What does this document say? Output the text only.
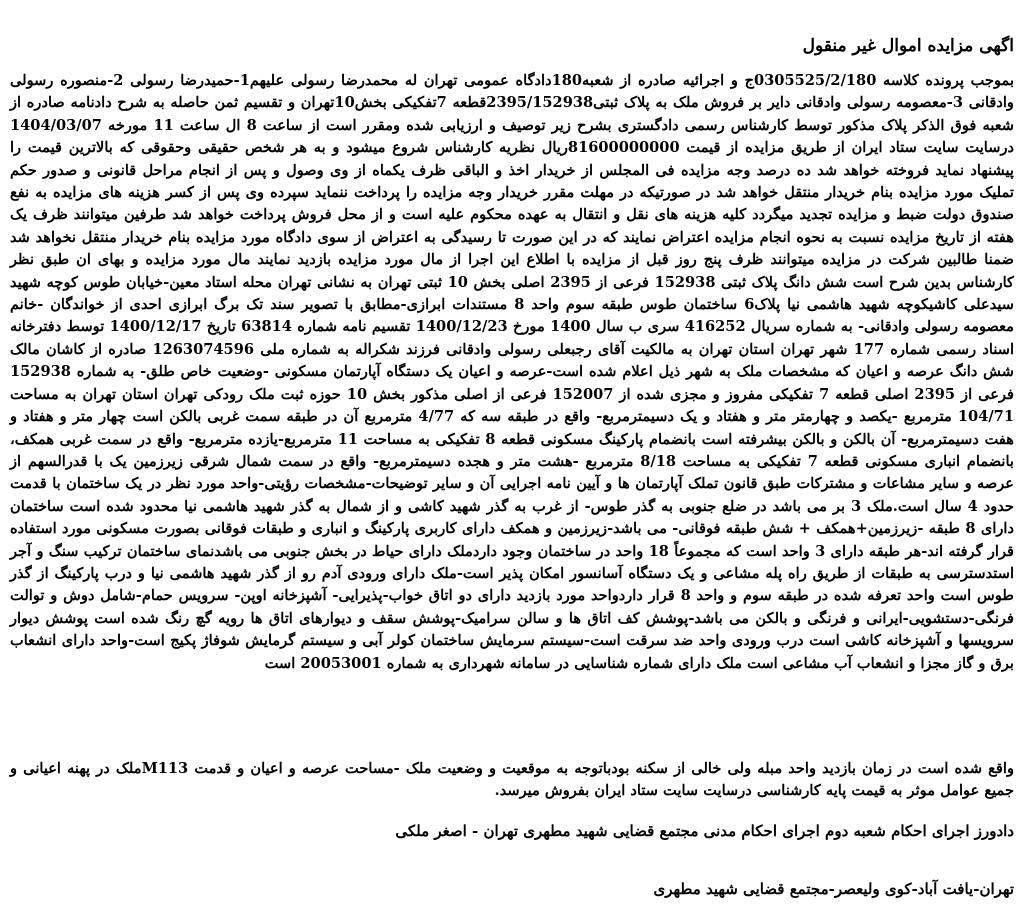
اگهی مزایده اموال غیر منقول

بموجب پرونده کلاسه 0305525/2/180ج و اجرائیه صادره از شعبه180دادگاه عمومی تهران له محمدرضا رسولی علیهم1-حمیدرضا رسولی 2-منصوره رسولی وادقانی 3-معصومه رسولی وادقانی دایر بر فروش ملک به پلاک ثبتی2395/152938قطعه 7تفکیکی بخش10تهران و تقسیم ثمن حاصله به شرح دادنامه صادره از شعبه فوق الذکر پلاک مذکور توسط کارشناس رسمی دادگستری بشرح زیر توصیف و ارزیابی شده ومقرر است از ساعت 8 ال ساعت 11 مورخه 1404/03/07 درسایت سایت ستاد ایران از طریق مزایده از قیمت 81600000000ریال نظریه کارشناس شروع میشود و به هر شخص حقیقی وحقوقی که بالاترین قیمت را پیشنهاد نماید فروخته خواهد شد ده درصد وجه مزایده فی المجلس از خریدار اخذ و الباقی ظرف یکماه از وی وصول و پس از انجام مراحل قانونی و صدور حکم تملیک مورد مزایده بنام خریدار منتقل خواهد شد در صورتیکه در مهلت مقرر خریدار وجه مزایده را پرداخت ننماید سپرده وی پس از کسر هزینه های مزایده به نفع صندوق دولت ضبط و مزایده تجدید میگردد کلیه هزینه های نقل و انتقال به عهده محکوم علیه است و از محل فروش پرداخت خواهد شد طرفین میتوانند ظرف یک هفته از تاریخ مزایده نسبت به نحوه انجام مزایده اعتراض نمایند که در این صورت تا رسیدگی به اعتراض از سوی دادگاه مورد مزایده بنام خریدار منتقل نخواهد شد ضمنا طالبین شرکت در مزایده میتوانند ظرف پنج روز قبل از مزایده با اطلاع این اجرا از مال مورد مزایده بازدید نمایند مال مورد مزایده و بهای ان طبق نظر کارشناس بدین شرح است شش دانگ پلاک ثبتی 152938 فرعی از 2395 اصلی بخش 10 ثبتی تهران به نشانی تهران محله استاد معین-خیابان طوس کوچه شهید سیدعلی کاشیکوچه شهید هاشمی نیا پلاک6 ساختمان طوس طبقه سوم واحد 8 مستندات ابرازی-مطابق با تصویر سند تک برگ ابرازی احدی از خواندگان -خانم معصومه رسولی وادقانی- به شماره سریال 416252 سری ب سال 1400 مورخ 1400/12/23 تقسیم نامه شماره 63814 تاریخ 1400/12/17 توسط دفترخانه اسناد رسمی شماره 177 شهر تهران استان تهران به مالکیت آقای رجبعلی رسولی وادقانی فرزند شکراله به شماره ملی 1263074596 صادره از کاشان مالک شش دانگ عرصه و اعیان که مشخصات ملک به شهر ذیل اعلام شده است-عرصه و اعیان یک دستگاه آپارتمان مسکونی -وضعیت خاص طلق- به شماره 152938 فرعی از 2395 اصلی قطعه 7 تفکیکی مفروز و مجزی شده از 152007 فرعی از اصلی مذکور بخش 10 حوزه ثبت ملک رودکی تهران استان تهران به مساحت 104/71 مترمربع -یکصد و چهارمتر متر و هفتاد و یک دسیمترمربع- واقع در طبقه سه که 4/77 مترمربع آن در طبقه سمت غربی بالکن است چهار متر و هفتاد و هفت دسیمترمربع- آن بالکن و بالکن بیشرفته است بانضمام پارکینگ مسکونی قطعه 8 تفکیکی به مساحت 11 مترمربع-یازده مترمربع- واقع در سمت غربی همکف، بانضمام انباری مسکونی قطعه 7 تفکیکی به مساحت 8/18 مترمربع -هشت متر و هجده دسیمترمربع- واقع در سمت شمال شرقی زیرزمین یک با قدرالسهم از عرصه و سایر مشاعات و مشترکات طبق قانون تملک آپارتمان ها و آیین نامه اجرایی آن و سایر توضیحات-مشخصات رؤیتی-واحد مورد نظر در یک ساختمان با قدمت حدود 4 سال است.ملک 3 بر می باشد در ضلع جنوبی به گذر طوس- از غرب به گذر شهید کاشی و از شمال به گذر شهید هاشمی نیا محدود شده است ساختمان دارای 8 طبقه -زیرزمین+همکف + شش طبقه فوقانی- می باشد-زیرزمین و همکف دارای کاربری پارکینگ و انباری و طبقات فوقانی بصورت مسکونی مورد استفاده قرار گرفته اند-هر طبقه دارای 3 واحد است که مجموعاً 18 واحد در ساختمان وجود داردملک دارای حیاط در بخش جنوبی می باشدنمای ساختمان ترکیب سنگ و آجر استدسترسی به طبقات از طریق راه پله مشاعی و یک دستگاه آسانسور امکان پذیر است-ملک دارای ورودی آدم رو از گذر شهید هاشمی نیا و درب پارکینگ از گذر طوس است واحد تعرفه شده در طبقه سوم و واحد 8 قرار داردواحد مورد بازدید دارای دو اتاق خواب-پذیرایی- آشپزخانه اوپن- سرویس حمام-شامل دوش و توالت فرنگی-دستشویی-ایرانی و فرنگی و بالکن می باشد-پوشش کف اتاق ها و سالن سرامیک-پوشش سقف و دیوارهای اتاق ها رویه گچ رنگ شده است پوشش دیوار سرویسها و آشپزخانه کاشی است درب ورودی واحد ضد سرقت است-سیستم سرمایش ساختمان کولر آبی و سیستم گرمایش شوفاژ پکیج است-واحد دارای انشعاب برق و گاز مجزا و انشعاب آب مشاعی است ملک دارای شماره شناسایی در سامانه شهرداری به شماره 20053001 است

واقع شده است در زمان بازدید واحد مبله ولی خالی از سکنه بودباتوجه به موقعیت و وضعیت ملک -مساحت عرصه و اعیان و قدمت M113ملک در پهنه اعیانی و جمیع عوامل موثر به قیمت پایه کارشناسی درسایت سایت ستاد ایران بفروش میرسد.

دادورز اجرای احکام شعبه دوم اجرای احکام مدنی مجتمع قضایی شهید مطهری تهران - اصغر ملکی

تهران-یافت آباد-کوی ولیعصر-مجتمع قضایی شهید مطهری
